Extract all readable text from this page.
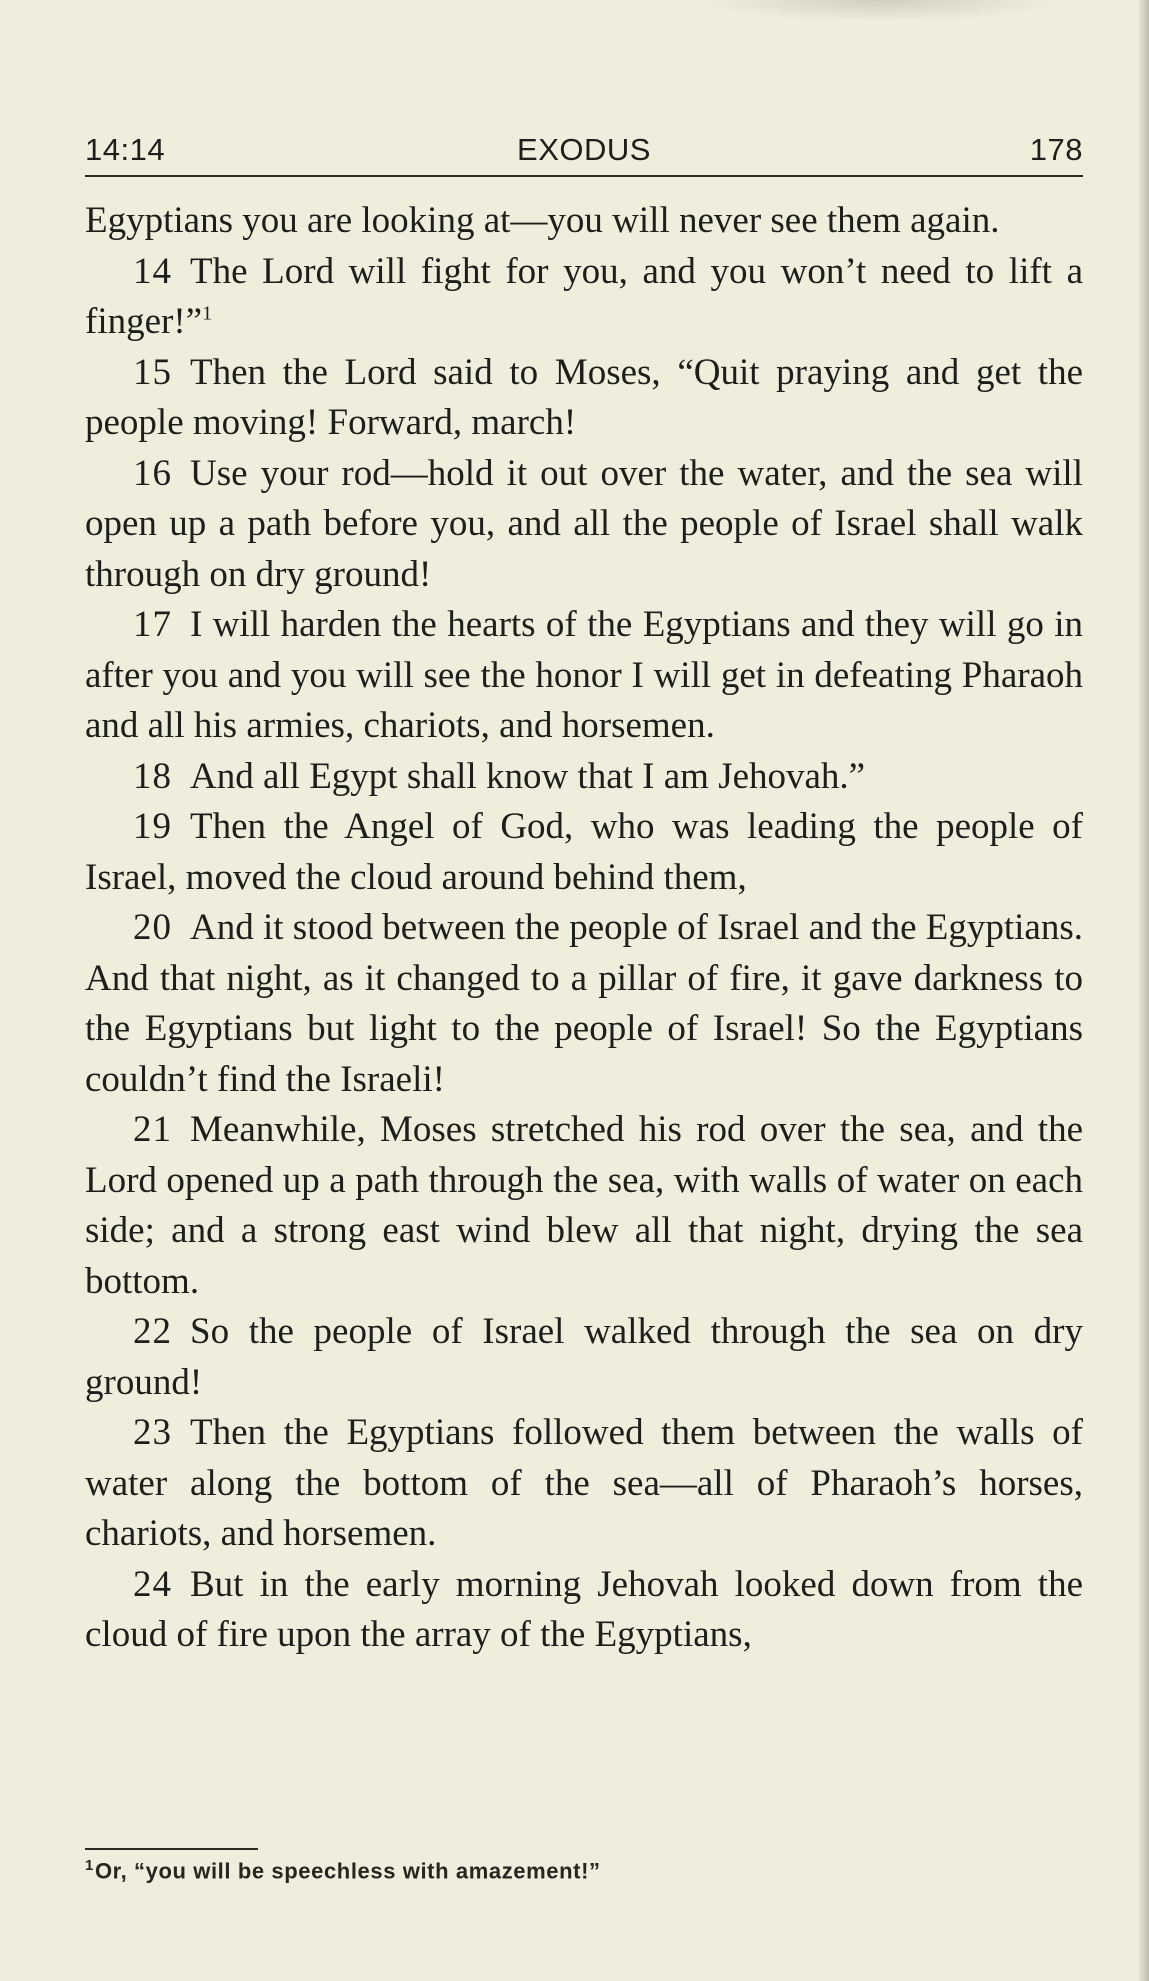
14:14	EXODUS	178

Egyptians you are looking at—you will never see them again.

14 The Lord will fight for you, and you won’t need to lift a finger!”$^1$

15 Then the Lord said to Moses, “Quit praying and get the people moving! Forward, march!

16 Use your rod—hold it out over the water, and the sea will open up a path before you, and all the people of Israel shall walk through on dry ground!

17 I will harden the hearts of the Egyptians and they will go in after you and you will see the honor I will get in defeating Pharaoh and all his armies, chariots, and horsemen.

18 And all Egypt shall know that I am Jehovah.”

19 Then the Angel of God, who was leading the people of Israel, moved the cloud around behind them,

20 And it stood between the people of Israel and the Egyptians. And that night, as it changed to a pillar of fire, it gave darkness to the Egyptians but light to the people of Israel! So the Egyptians couldn’t find the Israeli!

21 Meanwhile, Moses stretched his rod over the sea, and the Lord opened up a path through the sea, with walls of water on each side; and a strong east wind blew all that night, drying the sea bottom.

22 So the people of Israel walked through the sea on dry ground!

23 Then the Egyptians followed them between the walls of water along the bottom of the sea—all of Pharaoh’s horses, chariots, and horsemen.

24 But in the early morning Jehovah looked down from the cloud of fire upon the array of the Egyptians,

$^1$Or, “you will be speechless with amazement!”
